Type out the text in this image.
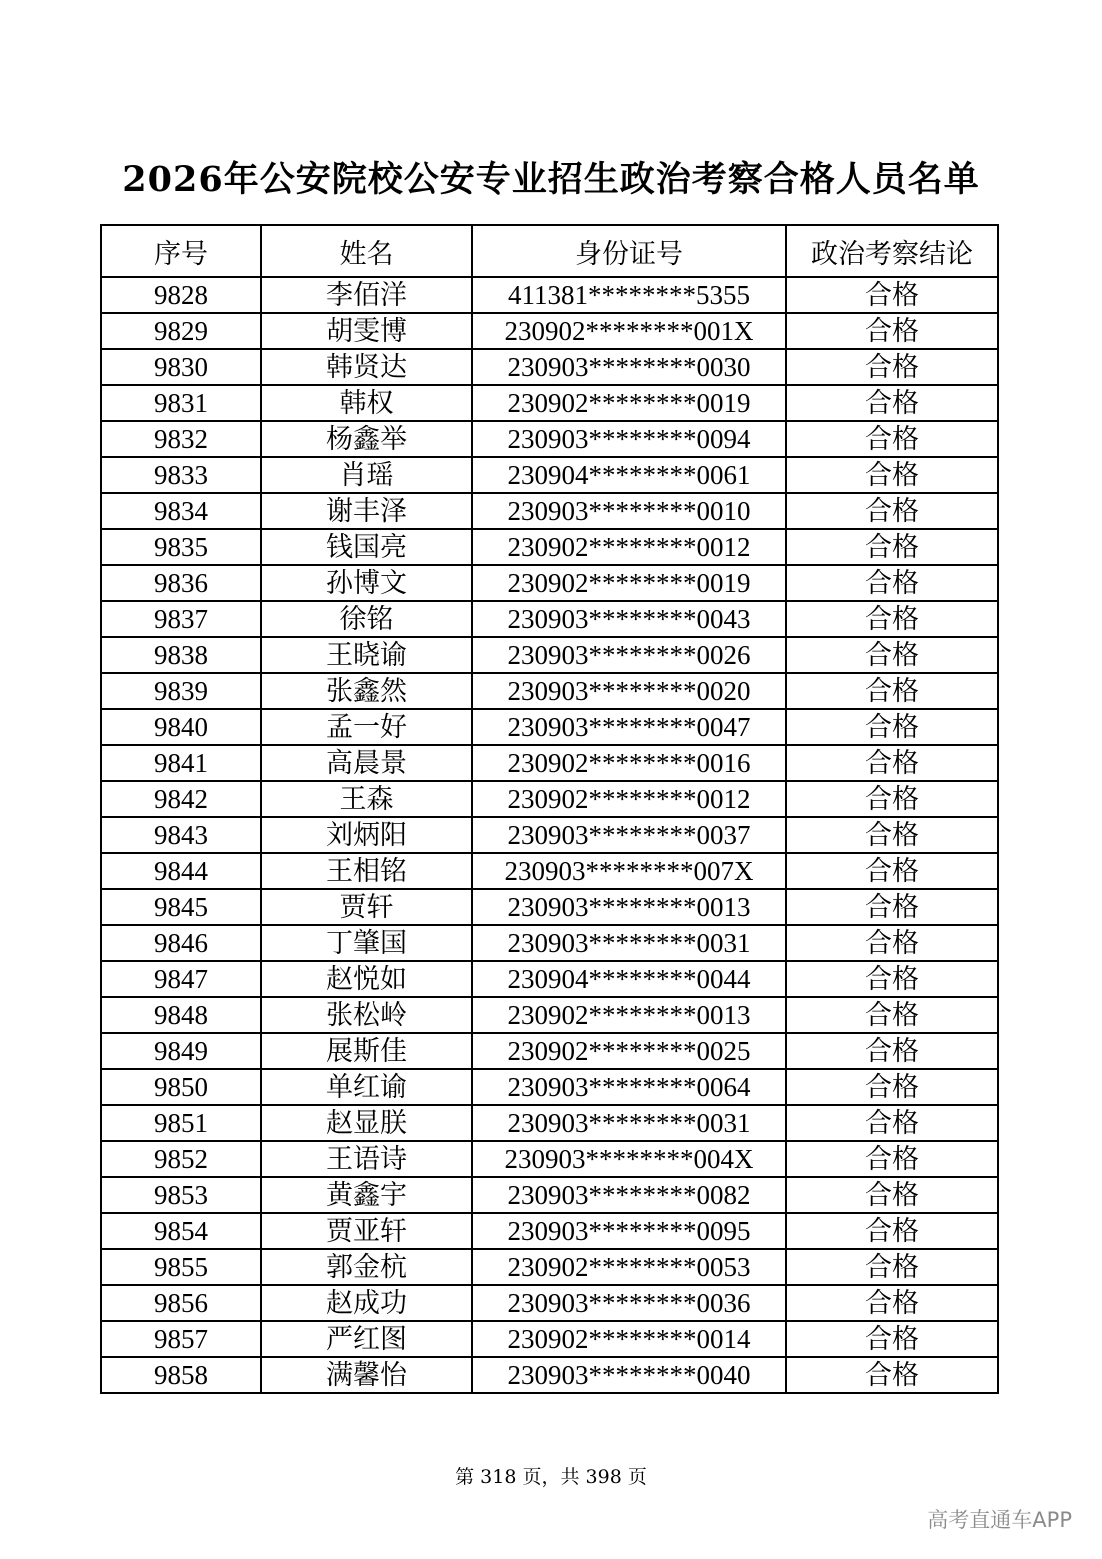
2026年公安院校公安专业招生政治考察合格人员名单
序号	姓名	身份证号	政治考察结论
9828	李佰洋	411381********5355	合格
9829	胡雯博	230902********001X	合格
9830	韩贤达	230903********0030	合格
9831	韩权	230902********0019	合格
9832	杨鑫举	230903********0094	合格
9833	肖瑶	230904********0061	合格
9834	谢丰泽	230903********0010	合格
9835	钱国亮	230902********0012	合格
9836	孙博文	230902********0019	合格
9837	徐铭	230903********0043	合格
9838	王晓谕	230903********0026	合格
9839	张鑫然	230903********0020	合格
9840	孟一好	230903********0047	合格
9841	高晨景	230902********0016	合格
9842	王森	230902********0012	合格
9843	刘炳阳	230903********0037	合格
9844	王相铭	230903********007X	合格
9845	贾轩	230903********0013	合格
9846	丁肇国	230903********0031	合格
9847	赵悦如	230904********0044	合格
9848	张松岭	230902********0013	合格
9849	展斯佳	230902********0025	合格
9850	单红谕	230903********0064	合格
9851	赵显朕	230903********0031	合格
9852	王语诗	230903********004X	合格
9853	黄鑫宇	230903********0082	合格
9854	贾亚轩	230903********0095	合格
9855	郭金杭	230902********0053	合格
9856	赵成功	230903********0036	合格
9857	严红图	230902********0014	合格
9858	满馨怡	230903********0040	合格
第 318 页，共 398 页
高考直通车APP
